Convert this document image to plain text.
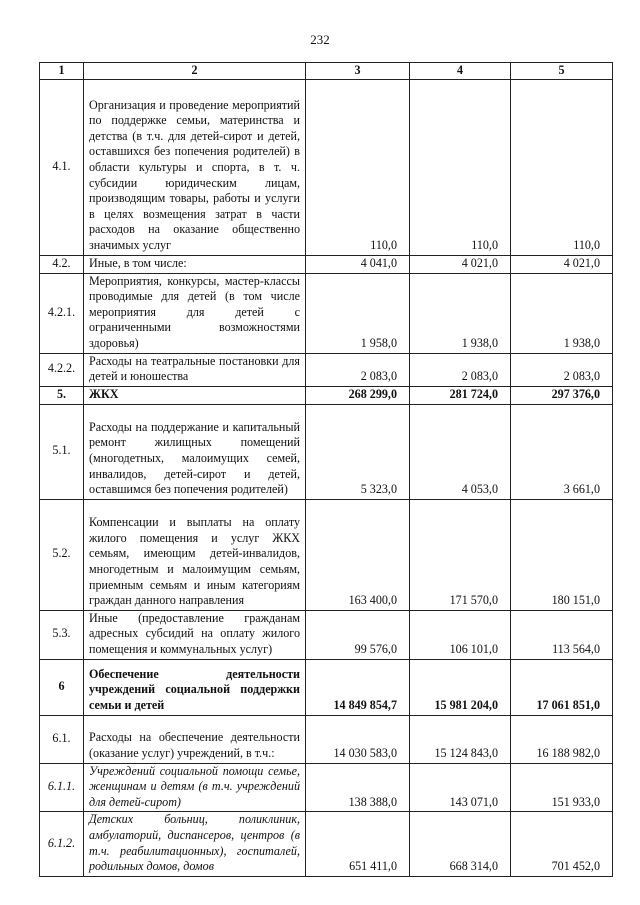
232
1	2	3	4	5
4.1.	Организация и проведение мероприятий по поддержке семьи, материнства и детства (в т.ч. для детей-сирот и детей, оставшихся без попечения родителей) в области культуры и спорта, в т. ч. субсидии юридическим лицам, производящим товары, работы и услуги в целях возмещения затрат в части расходов на оказание общественно значимых услуг	110,0	110,0	110,0
4.2.	Иные, в том числе:	4 041,0	4 021,0	4 021,0
4.2.1.	Мероприятия, конкурсы, мастер-классы проводимые для детей (в том числе мероприятия для детей с ограниченными возможностями здоровья)	1 958,0	1 938,0	1 938,0
4.2.2.	Расходы на театральные постановки для детей и юношества	2 083,0	2 083,0	2 083,0
5.	ЖКХ	268 299,0	281 724,0	297 376,0
5.1.	Расходы на поддержание и капитальный ремонт жилищных помещений (многодетных, малоимущих семей, инвалидов, детей-сирот и детей, оставшимся без попечения родителей)	5 323,0	4 053,0	3 661,0
5.2.	Компенсации и выплаты на оплату жилого помещения и услуг ЖКХ семьям, имеющим детей-инвалидов, многодетным и малоимущим семьям, приемным семьям и иным категориям граждан данного направления	163 400,0	171 570,0	180 151,0
5.3.	Иные (предоставление гражданам адресных субсидий на оплату жилого помещения и коммунальных услуг)	99 576,0	106 101,0	113 564,0
6	Обеспечение деятельности учреждений социальной поддержки семьи и детей	14 849 854,7	15 981 204,0	17 061 851,0
6.1.	Расходы на обеспечение деятельности (оказание услуг) учреждений, в т.ч.:	14 030 583,0	15 124 843,0	16 188 982,0
6.1.1.	Учреждений социальной помощи семье, женщинам и детям (в т.ч. учреждений для детей-сирот)	138 388,0	143 071,0	151 933,0
6.1.2.	Детских больниц, поликлиник, амбулаторий, диспансеров, центров (в т.ч. реабилитационных), госпиталей, родильных домов, домов	651 411,0	668 314,0	701 452,0
